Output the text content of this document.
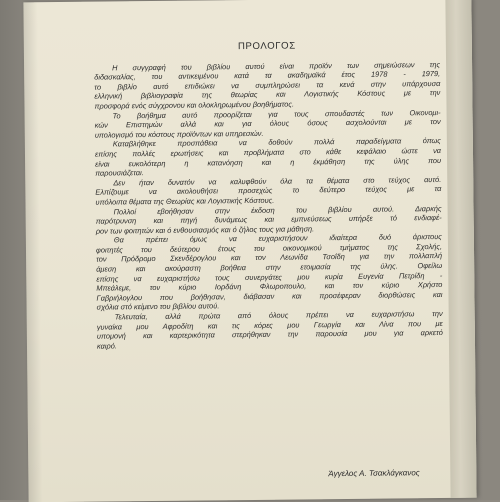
ΠΡΟΛΟΓΟΣ
Η συγγραφή του βιβλίου αυτού είναι προϊόν των σημειώσεων της
διδασκαλίας, του αντικειμένου κατά τα ακαδημαϊκά έτος 1978 - 1979,
το βιβλίο αυτό επιδιώκει να συμπληρώσει τα κενά στην υπάρχουσα
ελληνική βιβλιογραφία της θεωρίας και Λογιστικής Κόστους με την
προσφορά ενός σύγχρονου και ολοκληρωμένου βοηθήματος.
Το βοήθημα αυτό προορίζεται για τους σπουδαστές των Οικονομι-
κών Επιστημών αλλά και για όλους όσους ασχολούνται με τον
υπολογισμό του κόστους προϊόντων και υπηρεσιών.
Καταβλήθηκε προσπάθεια να δοθούν πολλά παραδείγματα όπως
επίσης πολλές ερωτήσεις και προβλήματα στο κάθε κεφάλαιο ώστε να
είναι ευκολότερη η κατανόηση και η έκμάθηση της ύλης που
παρουσιάζεται.
Δεν ήταν δυνατόν να καλυφθούν όλα τα θέματα στο τεύχος αυτό.
Ελπίζουμε να ακολουθήσει προσεχώς το δεύτερο τεύχος με τα
υπόλοιπα θέματα της Θεωρίας και Λογιστικής Κόστους.
Πολλοί εβοήθησαν στην έκδοση του βιβλίου αυτού. Διαρκής
παρότρυνση και πηγή δυνάμεως και εμπνεύσεως υπήρξε τό ενδιαφέ-
ρον των φοιτητών και ό ενθουσιασμός και ό ζήλος τους για μάθηση.
Θα πρέπει όμως να ευχαριστήσουν ιδιαίτερα δυό άριστους
φοιτητές του δεύτερου έτους του οικονομικού τμήματος της Σχολής,
τον Πρόδρομο Σκενδέρογλου και τον Λεωνίδα Τσοΐδη για την πολλαπλή
άμεση και ακούραστη βοήθεια στην ετοιμασία της ύλης. Οφείλω
επίσης να ευχαριστήσω τους συνεργάτες μου κυρία Ευγενία Πετρίδη -
Μπεάλεμε, τον κύριο Ιορδάνη Φλωροπουλο, και τον κύριο Χρήστο
Γαβριήλογλου που βοήθησαν, διάβασαν και προσέφεραν διορθώσεις και
σχόλια στό κείμενο του βιβλίου αυτού.
Τελευταία, αλλά πρώτα από όλους πρέπει να ευχαριστήσω την
γυναίκα μου Αφροδίτη και τις κόρες μου Γεωργία και Λίνα που με
υπομονή και καρτερικότητα στερήθηκαν την παρουσία μου για αρκετό
καιρό.
Άγγελος Α. Τσακλάγκανος
